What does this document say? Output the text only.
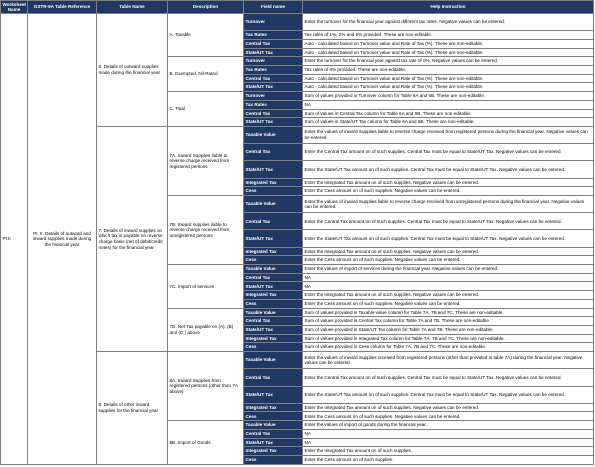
Worksheet Name	GSTR-9A Table Reference	Table Name	Description	Field name	Help Instruction
Pt II	Pt. II. Details of outward and inward supplies made during the financial year	6. Details of outward supplies made during the financial year	A. Taxable	Turnover	Enter the turnover for the financial year against different tax rates. Negative values can be entered.
				Tax Rates	Tax rates of 1%, 2% and 5% provided. These are non-editable.
				Central Tax	Auto - calculated based on Turnover value and Rate of Tax (%). These are non-editable.
				State/UT Tax	Auto - calculated based on Turnover value and Rate of Tax (%). These are non-editable.
			B. Exempted, Nil-Rated	Turnover	Enter the turnover for the financial year against tax rate of 0%. Negative values can be entered.
				Tax Rates	Tax rates of 0% provided. These are non-editable.
				Central Tax	Auto - calculated based on Turnover value and Rate of Tax (%). These are non-editable.
				State/UT Tax	Auto - calculated based on Turnover value and Rate of Tax (%). These are non-editable.
			C. Total	Turnover	Sum of values provided in Turnover column for Table 6A and 6B. These are non-editable.
				Tax Rates	NA
				Central Tax	Sum of values in Central Tax column for Table 6A and 6B. These are non-editable.
				State/UT Tax	Sum of values in State/UT Tax column for Table 6A and 6B. These are non-editable.
		7. Details of inward supplies on which tax is payable on reverse charge basis (net of debit/credit notes) for the financial year	7A. Inward Supplies liable to reverse charge received from registered persons	Taxable Value	Enter the values of inward Supplies liable to reverse charge received from registered persons during the financial year. Negative values can be entered.
				Central Tax	Enter the Central Tax amount on of such supplies. Central Tax must be equal to State/UT Tax. Negative values can be entered.
				State/UT Tax	Enter the State/UT Tax amount on of such supplies. Central Tax must be equal to State/UT Tax. Negative values can be entered.
				Integrated Tax	Enter the Integrated Tax amount on of such supplies. Negative values can be entered.
				Cess	Enter the Cess amount on of such supplies. Negative values can be entered.
			7B. Inward supplies liable to reverse charge received from unregistered persons	Taxable Value	Enter the values of inward Supplies liable to reverse charge received from unregistered persons during the financial year. Negative values can be entered.
				Central Tax	Enter the Central Tax amount on of such supplies. Central Tax must be equal to State/UT Tax. Negative values can be entered.
				State/UT Tax	Enter the State/UT Tax amount on of such supplies. Central Tax must be equal to State/UT Tax. Negative values can be entered.
				Integrated Tax	Enter the Integrated Tax amount on of such supplies. Negative values can be entered.
				Cess	Enter the Cess amount on of such supplies. Negative values can be entered.
			7C. Import of services	Taxable Value	Enter the values of import of services during the financial year. Negative values can be entered.
				Central Tax	NA
				State/UT Tax	NA
				Integrated Tax	Enter the Integrated Tax amount on of such supplies. Negative values can be entered.
				Cess	Enter the Cess amount on of such supplies. Negative values can be entered.
			7D. Net Tax payable on (A), (B) and (C ) above	Taxable Value	Sum of values provided in Taxable value column for Table 7A, 7B and 7C. These are non-editable.
				Central Tax	Sum of values provided in Central Tax column for Table 7A and 7B. These are non-editable.
				State/UT Tax	Sum of values provided in State/UT Tax column for Table 7A and 7B. These are non-editable.
				Integrated Tax	Sum of values provided in Integrated Tax column for Table 7A, 7B and 7C. These are non-editable.
				Cess	Sum of values provided in Cess column for Table 7A, 7B and 7C. These are non-editable.
		8. Details of other inward supplies for the financial year	8A. Inward Supplies from registered persons (other than 7A above)	Taxable Value	Enter the values of inward Supplies received from registered persons (other than provided in table 7A) during the financial year. Negative values can be entered.
				Central Tax	Enter the Central Tax amount on of such supplies. Central Tax must be equal to State/UT Tax. Negative values can be entered.
				State/UT Tax	Enter the State/UT Tax amount on of such supplies. Central Tax must be equal to State/UT Tax. Negative values can be entered.
				Integrated Tax	Enter the Integrated Tax amount on of such supplies. Negative values can be entered.
				Cess	Enter the Cess amount on of such supplies. Negative values can be entered.
			8B. Import of Goods	Taxable Value	Enter the values of import of goods during the financial year.
				Central Tax	NA
				State/UT Tax	NA
				Integrated Tax	Enter the Integrated Tax amount on of such supplies.
				Cess	Enter the Cess amount on of such supplies.
